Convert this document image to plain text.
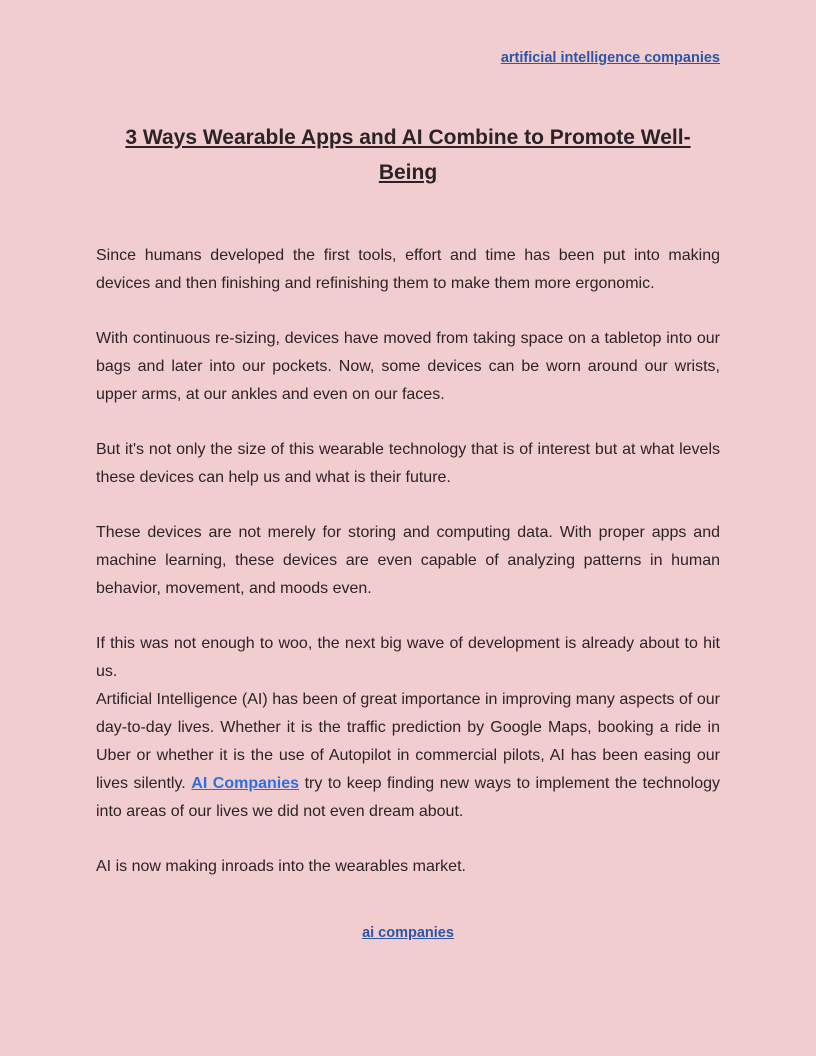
artificial intelligence companies
3 Ways Wearable Apps and AI Combine to Promote Well-Being

Since humans developed the first tools, effort and time has been put into making devices and then finishing and refinishing them to make them more ergonomic.

With continuous re-sizing, devices have moved from taking space on a tabletop into our bags and later into our pockets. Now, some devices can be worn around our wrists, upper arms, at our ankles and even on our faces.

But it's not only the size of this wearable technology that is of interest but at what levels these devices can help us and what is their future.

These devices are not merely for storing and computing data. With proper apps and machine learning, these devices are even capable of analyzing patterns in human behavior, movement, and moods even.

If this was not enough to woo, the next big wave of development is already about to hit us.

Artificial Intelligence (AI) has been of great importance in improving many aspects of our day-to-day lives. Whether it is the traffic prediction by Google Maps, booking a ride in Uber or whether it is the use of Autopilot in commercial pilots, AI has been easing our lives silently. AI Companies try to keep finding new ways to implement the technology into areas of our lives we did not even dream about.

AI is now making inroads into the wearables market.

ai companies
